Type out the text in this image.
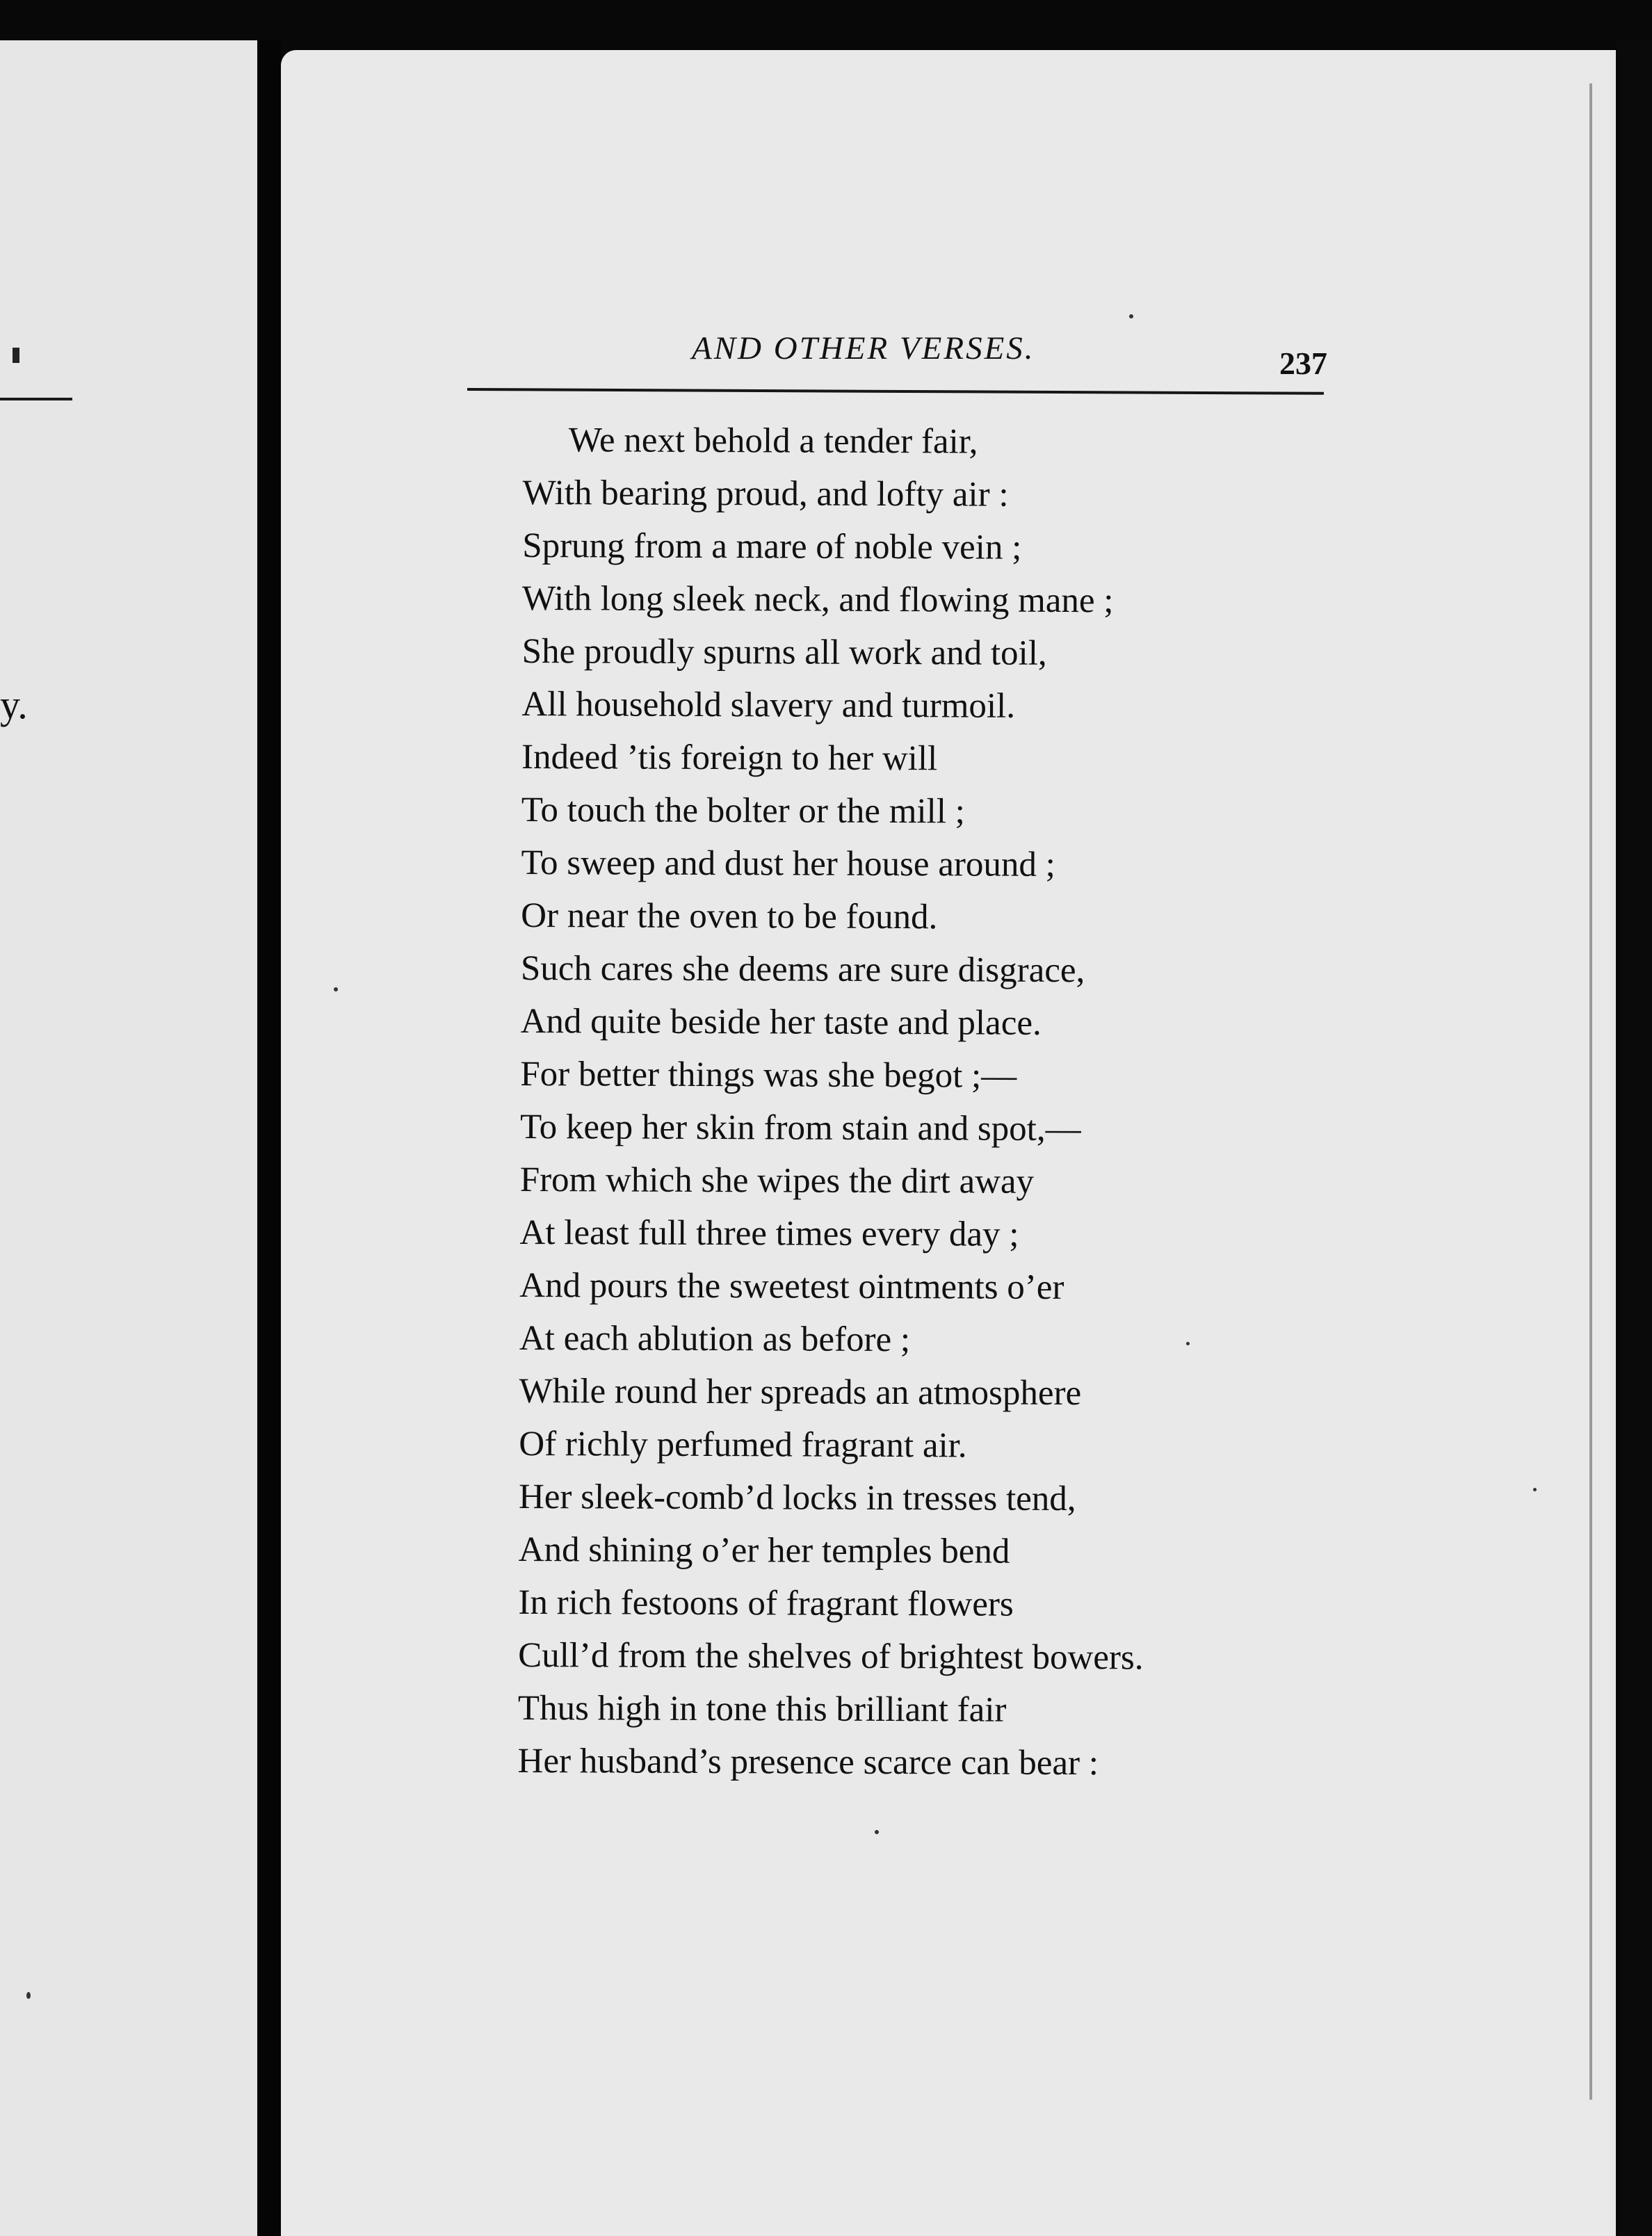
y.
AND OTHER VERSES.	237
We next behold a tender fair,
With bearing proud, and lofty air :
Sprung from a mare of noble vein ;
With long sleek neck, and flowing mane ;
She proudly spurns all work and toil,
All household slavery and turmoil.
Indeed ’tis foreign to her will
To touch the bolter or the mill ;
To sweep and dust her house around ;
Or near the oven to be found.
Such cares she deems are sure disgrace,
And quite beside her taste and place.
For better things was she begot ;—
To keep her skin from stain and spot,—
From which she wipes the dirt away
At least full three times every day ;
And pours the sweetest ointments o’er
At each ablution as before ;
While round her spreads an atmosphere
Of richly perfumed fragrant air.
Her sleek-comb’d locks in tresses tend,
And shining o’er her temples bend
In rich festoons of fragrant flowers
Cull’d from the shelves of brightest bowers.
Thus high in tone this brilliant fair
Her husband’s presence scarce can bear :
